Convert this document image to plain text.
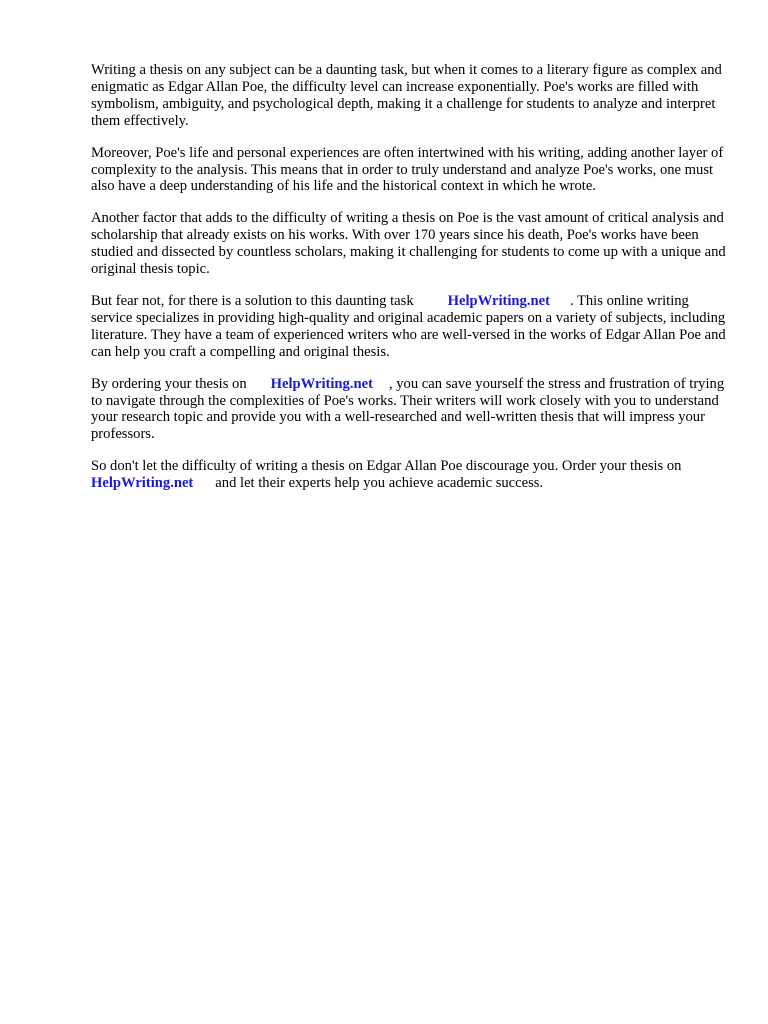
Writing a thesis on any subject can be a daunting task, but when it comes to a literary figure as complex and enigmatic as Edgar Allan Poe, the difficulty level can increase exponentially. Poe's works are filled with symbolism, ambiguity, and psychological depth, making it a challenge for students to analyze and interpret them effectively.

Moreover, Poe's life and personal experiences are often intertwined with his writing, adding another layer of complexity to the analysis. This means that in order to truly understand and analyze Poe's works, one must also have a deep understanding of his life and the historical context in which he wrote.

Another factor that adds to the difficulty of writing a thesis on Poe is the vast amount of critical analysis and scholarship that already exists on his works. With over 170 years since his death, Poe's works have been studied and dissected by countless scholars, making it challenging for students to come up with a unique and original thesis topic.

But fear not, for there is a solution to this daunting task HelpWriting.net . This online writing service specializes in providing high-quality and original academic papers on a variety of subjects, including literature. They have a team of experienced writers who are well-versed in the works of Edgar Allan Poe and can help you craft a compelling and original thesis.

By ordering your thesis on HelpWriting.net , you can save yourself the stress and frustration of trying to navigate through the complexities of Poe's works. Their writers will work closely with you to understand your research topic and provide you with a well-researched and well-written thesis that will impress your professors.

So don't let the difficulty of writing a thesis on Edgar Allan Poe discourage you. Order your thesis onHelpWriting.net and let their experts help you achieve academic success.
